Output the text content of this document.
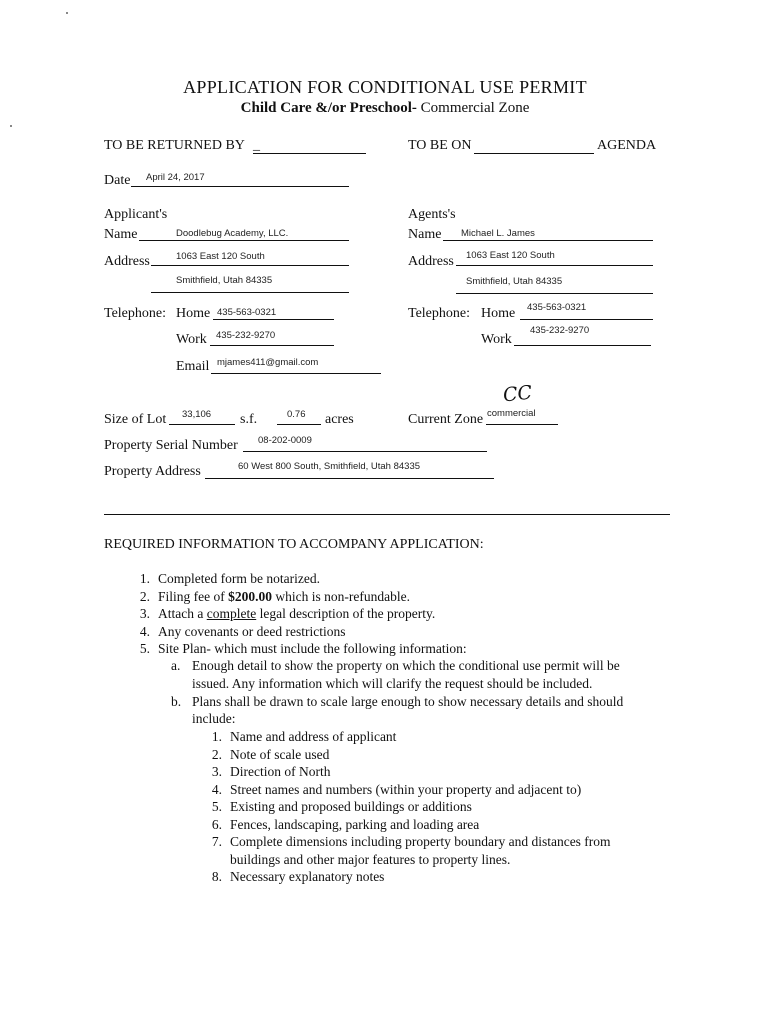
APPLICATION FOR CONDITIONAL USE PERMIT
Child Care &/or Preschool- Commercial Zone
TO BE RETURNED BY _	TO BE ON	AGENDA
Date April 24, 2017
Applicant's
Name	Doodlebug Academy, LLC.
Address	1063 East 120 South
Smithfield, Utah 84335
Telephone: Home 435-563-0321
Work 435-232-9270
Email mjames411@gmail.com
Agents's
Name Michael L. James
Address 1063 East 120 South
Smithfield, Utah 84335
Telephone: Home 435-563-0321
Work
435-232-9270
Size of Lot 33,106 s.f.	0.76 acres
CC
Current Zone commercial
Property Serial Number 08-202-0009
Property Address	60 West 800 South, Smithfield, Utah 84335
REQUIRED INFORMATION TO ACCOMPANY APPLICATION:
1. Completed form be notarized.
2. Filing fee of $200.00 which is non-refundable.
3. Attach a complete legal description of the property.
4. Any covenants or deed restrictions
5. Site Plan- which must include the following information:
a. Enough detail to show the property on which the conditional use permit will be
issued. Any information which will clarify the request should be included.
b. Plans shall be drawn to scale large enough to show necessary details and should
include:
1. Name and address of applicant
2. Note of scale used
3. Direction of North
4. Street names and numbers (within your property and adjacent to)
5. Existing and proposed buildings or additions
6. Fences, landscaping, parking and loading area
7. Complete dimensions including property boundary and distances from
buildings and other major features to property lines.
8. Necessary explanatory notes
